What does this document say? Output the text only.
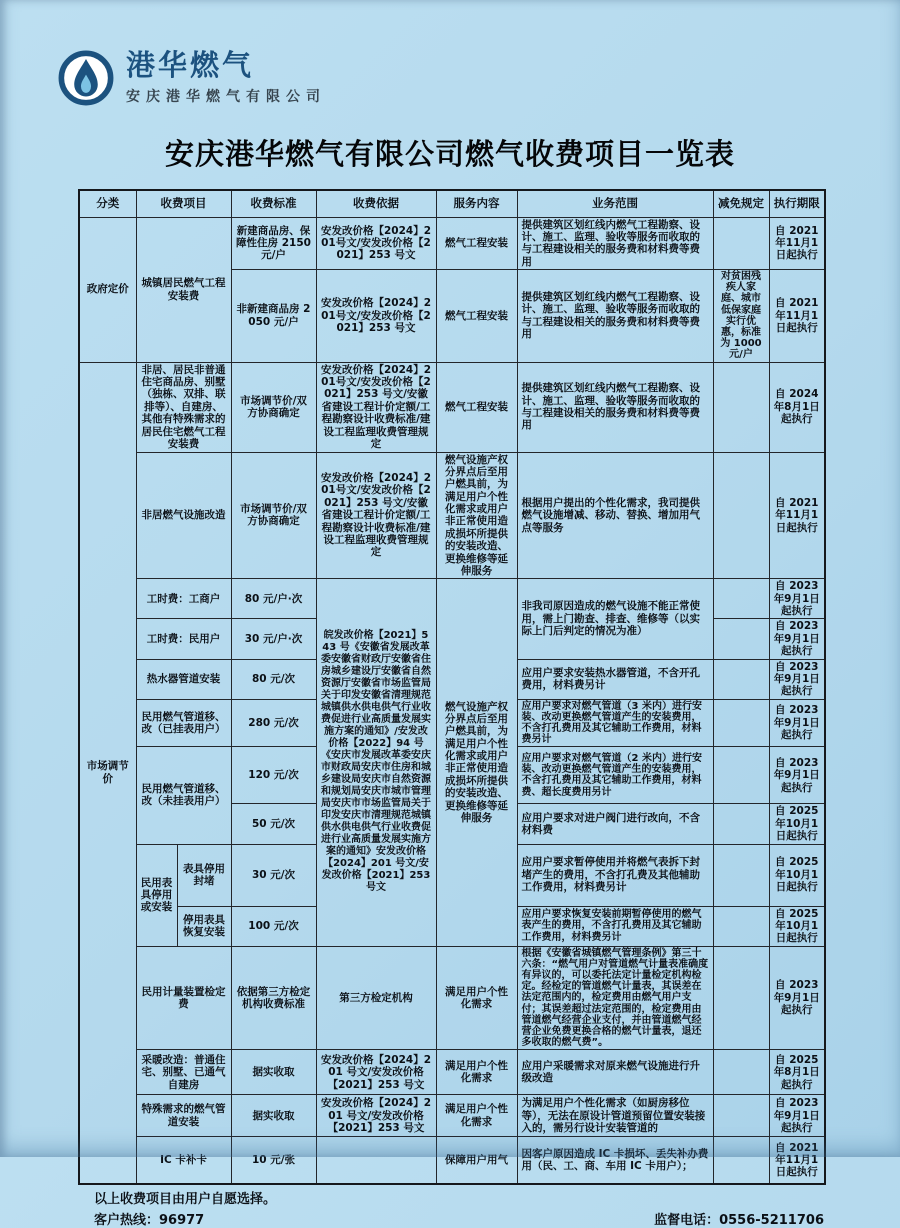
港华燃气
安庆港华燃气有限公司
安庆港华燃气有限公司燃气收费项目一览表
分类	收费项目		收费标准	收费依据	服务内容	业务范围	减免规定	执行期限
政府定价	城镇居民燃气工程安装费		新建商品房、保障性住房 2150 元/户	安发改价格【2024】201号文/安发改价格【2021】253 号文	燃气工程安装	提供建筑区划红线内燃气工程勘察、设计、施工、监理、验收等服务而收取的与工程建设相关的服务费和材料费等费用		自 2021年11月1日起执行
			非新建商品房 2050 元/户	安发改价格【2024】201号文/安发改价格【2021】253 号文	燃气工程安装	提供建筑区划红线内燃气工程勘察、设计、施工、监理、验收等服务而收取的与工程建设相关的服务费和材料费等费用	对贫困残疾人家庭、城市低保家庭实行优惠，标准为 1000 元/户	自 2021年11月1日起执行
市场调节价	非居、居民非普通住宅商品房、别墅（独栋、双排、联排等）、自建房、其他有特殊需求的居民住宅燃气工程安装费		市场调节价/双方协商确定	安发改价格【2024】201号文/安发改价格【2021】253 号文/安徽省建设工程计价定额/工程勘察设计收费标准/建设工程监理收费管理规定	燃气工程安装	提供建筑区划红线内燃气工程勘察、设计、施工、监理、验收等服务而收取的与工程建设相关的服务费和材料费等费用		自 2024年8月1日起执行
	非居燃气设施改造		市场调节价/双方协商确定	安发改价格【2024】201号文/安发改价格【2021】253 号文/安徽省建设工程计价定额/工程勘察设计收费标准/建设工程监理收费管理规定	燃气设施产权分界点后至用户燃具前，为满足用户个性化需求或用户非正常使用造成损坏所提供的安装改造、更换维修等延伸服务	根据用户提出的个性化需求，我司提供燃气设施增减、移动、替换、增加用气点等服务		自 2021年11月1日起执行
	工时费：工商户		80 元/户·次	皖发改价格【2021】543 号《安徽省发展改革委安徽省财政厅安徽省住房城乡建设厅安徽省自然资源厅安徽省市场监管局关于印发安徽省清理规范城镇供水供电供气行业收费促进行业高质量发展实施方案的通知》/安发改价格【2022】94 号《安庆市发展改革委安庆市财政局安庆市住房和城乡建设局安庆市自然资源和规划局安庆市城市管理局安庆市市场监管局关于印发安庆市清理规范城镇供水供电供气行业收费促进行业高质量发展实施方案的通知》安发改价格【2024】201 号文/安发改价格【2021】253 号文	燃气设施产权分界点后至用户燃具前，为满足用户个性化需求或用户非正常使用造成损坏所提供的安装改造、更换维修等延伸服务	非我司原因造成的燃气设施不能正常使用，需上门勘查、排查、维修等（以实际上门后判定的情况为准）		自 2023年9月1日起执行
	工时费：民用户		30 元/户·次					自 2023年9月1日起执行
	热水器管道安装		80 元/次			应用户要求安装热水器管道，不含开孔费用，材料费另计		自 2023年9月1日起执行
	民用燃气管道移、改（已挂表用户）		280 元/次			应用户要求对燃气管道（3 米内）进行安装、改动更换燃气管道产生的安装费用，不含打孔费用及其它辅助工作费用，材料费另计		自 2023年9月1日起执行
	民用燃气管道移、改（未挂表用户）		120 元/次			应用户要求对燃气管道（2 米内）进行安装、改动更换燃气管道产生的安装费用，不含打孔费用及其它辅助工作费用，材料费、超长度费用另计		自 2023年9月1日起执行
			50 元/次			应用户要求对进户阀门进行改向，不含材料费		自 2025年10月1日起执行
	民用表具停用或安装	表具停用封堵	30 元/次			应用户要求暂停使用并将燃气表拆下封堵产生的费用，不含打孔费及其他辅助工作费用，材料费另计		自 2025年10月1日起执行
		停用表具恢复安装	100 元/次			应用户要求恢复安装前期暂停使用的燃气表产生的费用，不含打孔费用及其它辅助工作费用，材料费另计		自 2025年10月1日起执行
	民用计量装置检定费		依据第三方检定机构收费标准	第三方检定机构	满足用户个性化需求	根据《安徽省城镇燃气管理条例》第三十六条：“燃气用户对管道燃气计量表准确度有异议的，可以委托法定计量检定机构检定。经检定的管道燃气计量表，其误差在法定范围内的，检定费用由燃气用户支付；其误差超过法定范围的，检定费用由管道燃气经营企业支付，并由管道燃气经营企业免费更换合格的燃气计量表，退还多收取的燃气费”。		自 2023年9月1日起执行
	采暖改造：普通住宅、别墅、已通气自建房		据实收取	安发改价格【2024】201 号文/安发改价格【2021】253 号文	满足用户个性化需求	应用户采暖需求对原来燃气设施进行升级改造		自 2025年8月1日起执行
	特殊需求的燃气管道安装		据实收取	安发改价格【2024】201 号文/安发改价格【2021】253 号文	满足用户个性化需求	为满足用户个性化需求（如厨房移位等），无法在原设计管道预留位置安装接入的，需另行设计安装管道的		自 2023年9月1日起执行
	IC 卡补卡		10 元/张		保障用户用气	因客户原因造成 IC 卡损坏、丢失补办费用（民、工、商、车用 IC 卡用户）；		自 2021年11月1日起执行
以上收费项目由用户自愿选择。
客户热线：96977	监督电话：0556-5211706
